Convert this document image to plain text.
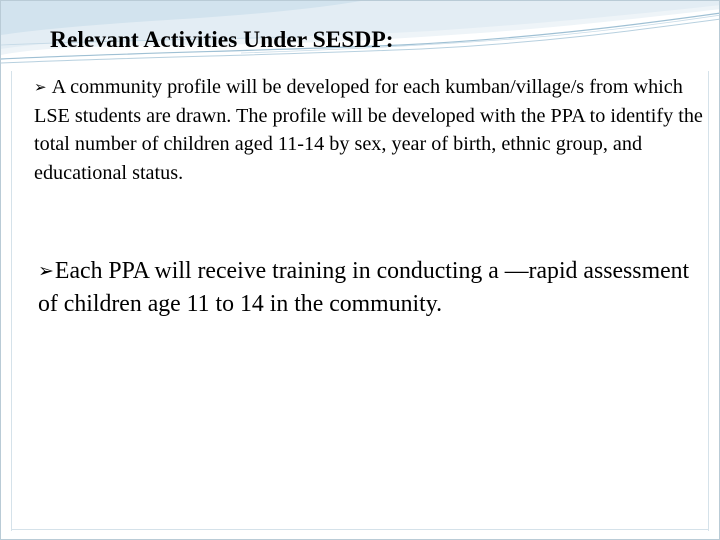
Relevant Activities Under SESDP:
➢ A community profile will be developed for each kumban/village/s from which LSE students are drawn. The profile will be developed with the PPA to identify the total number of children aged 11-14 by sex, year of birth, ethnic group, and educational status.
➢Each PPA will receive training in conducting a —rapid assessment of children age 11 to 14 in the community.
